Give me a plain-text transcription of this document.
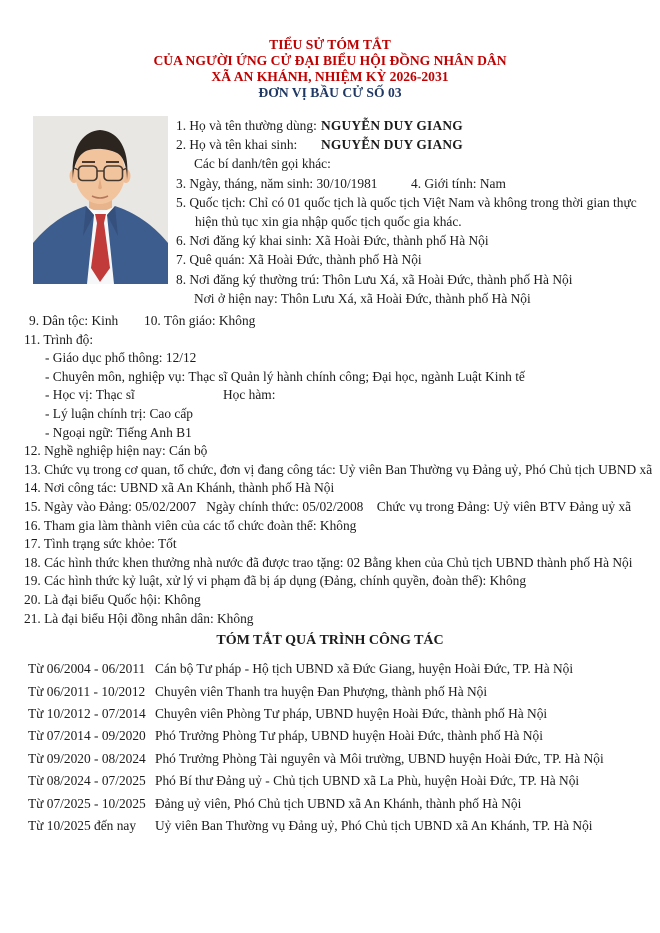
TIỂU SỬ TÓM TẮT
CỦA NGƯỜI ỨNG CỬ ĐẠI BIỂU HỘI ĐỒNG NHÂN DÂN
XÃ AN KHÁNH, NHIỆM KỲ 2026-2031
ĐƠN VỊ BẦU CỬ SỐ 03
1. Họ và tên thường dùng: NGUYỄN DUY GIANG
2. Họ và tên khai sinh: NGUYỄN DUY GIANG
Các bí danh/tên gọi khác:
3. Ngày, tháng, năm sinh: 30/10/1981	4. Giới tính: Nam
5. Quốc tịch: Chỉ có 01 quốc tịch là quốc tịch Việt Nam và không trong thời gian thực hiện thủ tục xin gia nhập quốc tịch quốc gia khác.
6. Nơi đăng ký khai sinh: Xã Hoài Đức, thành phố Hà Nội
7. Quê quán: Xã Hoài Đức, thành phố Hà Nội
8. Nơi đăng ký thường trú: Thôn Lưu Xá, xã Hoài Đức, thành phố Hà Nội
Nơi ở hiện nay: Thôn Lưu Xá, xã Hoài Đức, thành phố Hà Nội
9. Dân tộc: Kinh 10. Tôn giáo: Không
11. Trình độ:
- Giáo dục phổ thông: 12/12
- Chuyên môn, nghiệp vụ: Thạc sĩ Quản lý hành chính công; Đại học, ngành Luật Kinh tế
- Học vị: Thạc sĩ	Học hàm:
- Lý luận chính trị: Cao cấp
- Ngoại ngữ: Tiếng Anh B1
12. Nghề nghiệp hiện nay: Cán bộ
13. Chức vụ trong cơ quan, tổ chức, đơn vị đang công tác: Uỷ viên Ban Thường vụ Đảng uỷ, Phó Chủ tịch UBND xã
14. Nơi công tác: UBND xã An Khánh, thành phố Hà Nội
15. Ngày vào Đảng: 05/02/2007   Ngày chính thức: 05/02/2008    Chức vụ trong Đảng: Uỷ viên BTV Đảng uỷ xã
16. Tham gia làm thành viên của các tổ chức đoàn thể: Không
17. Tình trạng sức khỏe: Tốt
18. Các hình thức khen thưởng nhà nước đã được trao tặng: 02 Bằng khen của Chủ tịch UBND thành phố Hà Nội
19. Các hình thức kỷ luật, xử lý vi phạm đã bị áp dụng (Đảng, chính quyền, đoàn thể): Không
20. Là đại biểu Quốc hội: Không
21. Là đại biểu Hội đồng nhân dân: Không
TÓM TẮT QUÁ TRÌNH CÔNG TÁC
Từ 06/2004 - 06/2011 Cán bộ Tư pháp - Hộ tịch UBND xã Đức Giang, huyện Hoài Đức, TP. Hà Nội
Từ 06/2011 - 10/2012 Chuyên viên Thanh tra huyện Đan Phượng, thành phố Hà Nội
Từ 10/2012 - 07/2014 Chuyên viên Phòng Tư pháp, UBND huyện Hoài Đức, thành phố Hà Nội
Từ 07/2014 - 09/2020 Phó Trưởng Phòng Tư pháp, UBND huyện Hoài Đức, thành phố Hà Nội
Từ 09/2020 - 08/2024 Phó Trưởng Phòng Tài nguyên và Môi trường, UBND huyện Hoài Đức, TP. Hà Nội
Từ 08/2024 - 07/2025 Phó Bí thư Đảng uỷ - Chủ tịch UBND xã La Phù, huyện Hoài Đức, TP. Hà Nội
Từ 07/2025 - 10/2025 Đảng uỷ viên, Phó Chủ tịch UBND xã An Khánh, thành phố Hà Nội
Từ 10/2025 đến nay	Uỷ viên Ban Thường vụ Đảng uỷ, Phó Chủ tịch UBND xã An Khánh, TP. Hà Nội
